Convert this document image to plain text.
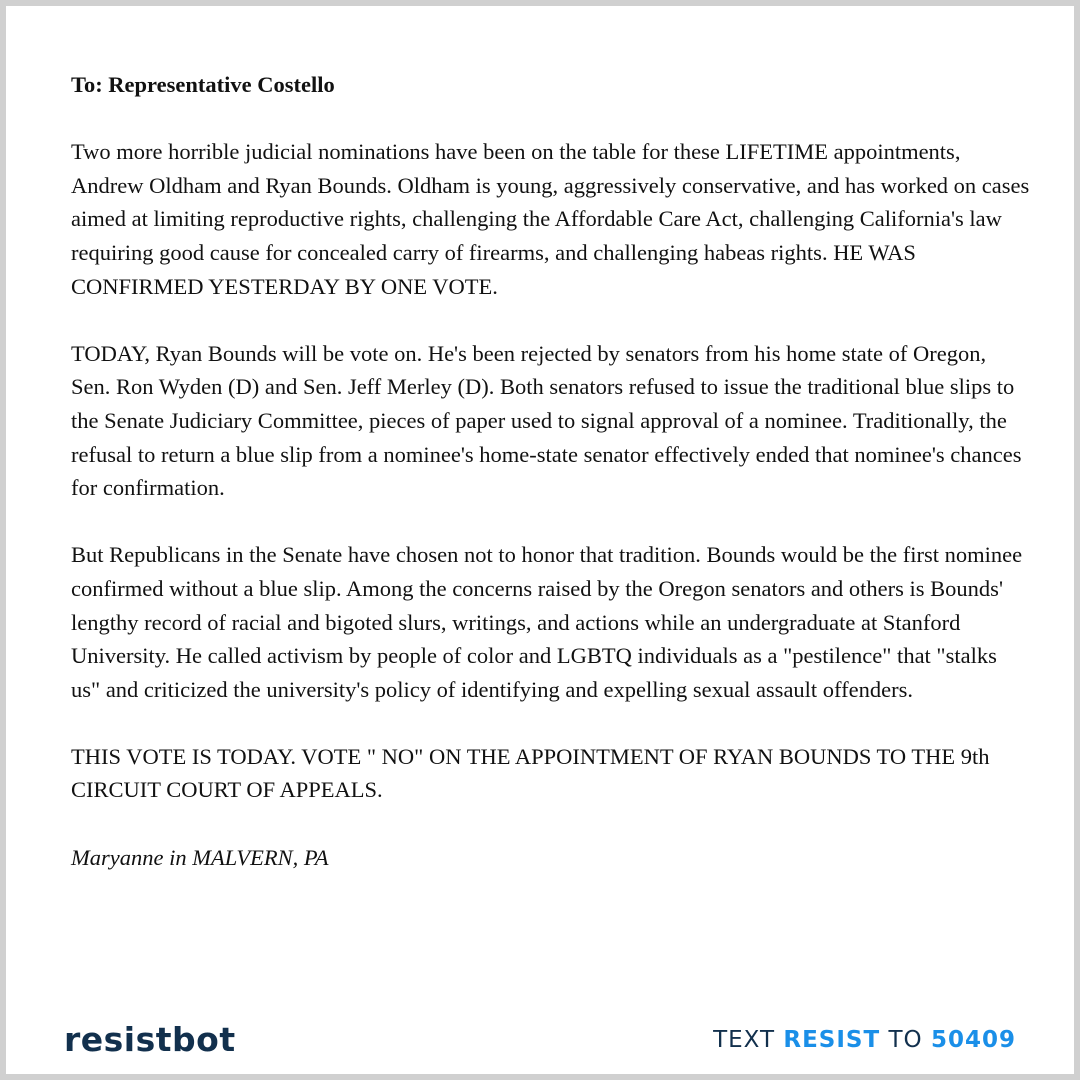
To: Representative Costello

Two more horrible judicial nominations have been on the table for these LIFETIME appointments, Andrew Oldham and Ryan Bounds. Oldham is young, aggressively conservative, and has worked on cases aimed at limiting reproductive rights, challenging the Affordable Care Act, challenging California's law requiring good cause for concealed carry of firearms, and challenging habeas rights. HE WAS CONFIRMED YESTERDAY BY ONE VOTE.

TODAY, Ryan Bounds will be vote on. He's been rejected by senators from his home state of Oregon, Sen. Ron Wyden (D) and Sen. Jeff Merley (D). Both senators refused to issue the traditional blue slips to the Senate Judiciary Committee, pieces of paper used to signal approval of a nominee. Traditionally, the refusal to return a blue slip from a nominee's home-state senator effectively ended that nominee's chances for confirmation.

But Republicans in the Senate have chosen not to honor that tradition. Bounds would be the first nominee confirmed without a blue slip. Among the concerns raised by the Oregon senators and others is Bounds' lengthy record of racial and bigoted slurs, writings, and actions while an undergraduate at Stanford University. He called activism by people of color and LGBTQ individuals as a "pestilence" that "stalks us" and criticized the university's policy of identifying and expelling sexual assault offenders.

THIS VOTE IS TODAY. VOTE " NO" ON THE APPOINTMENT OF RYAN BOUNDS TO THE 9th CIRCUIT COURT OF APPEALS.

Maryanne in MALVERN, PA

resistbot	TEXT RESIST TO 50409
